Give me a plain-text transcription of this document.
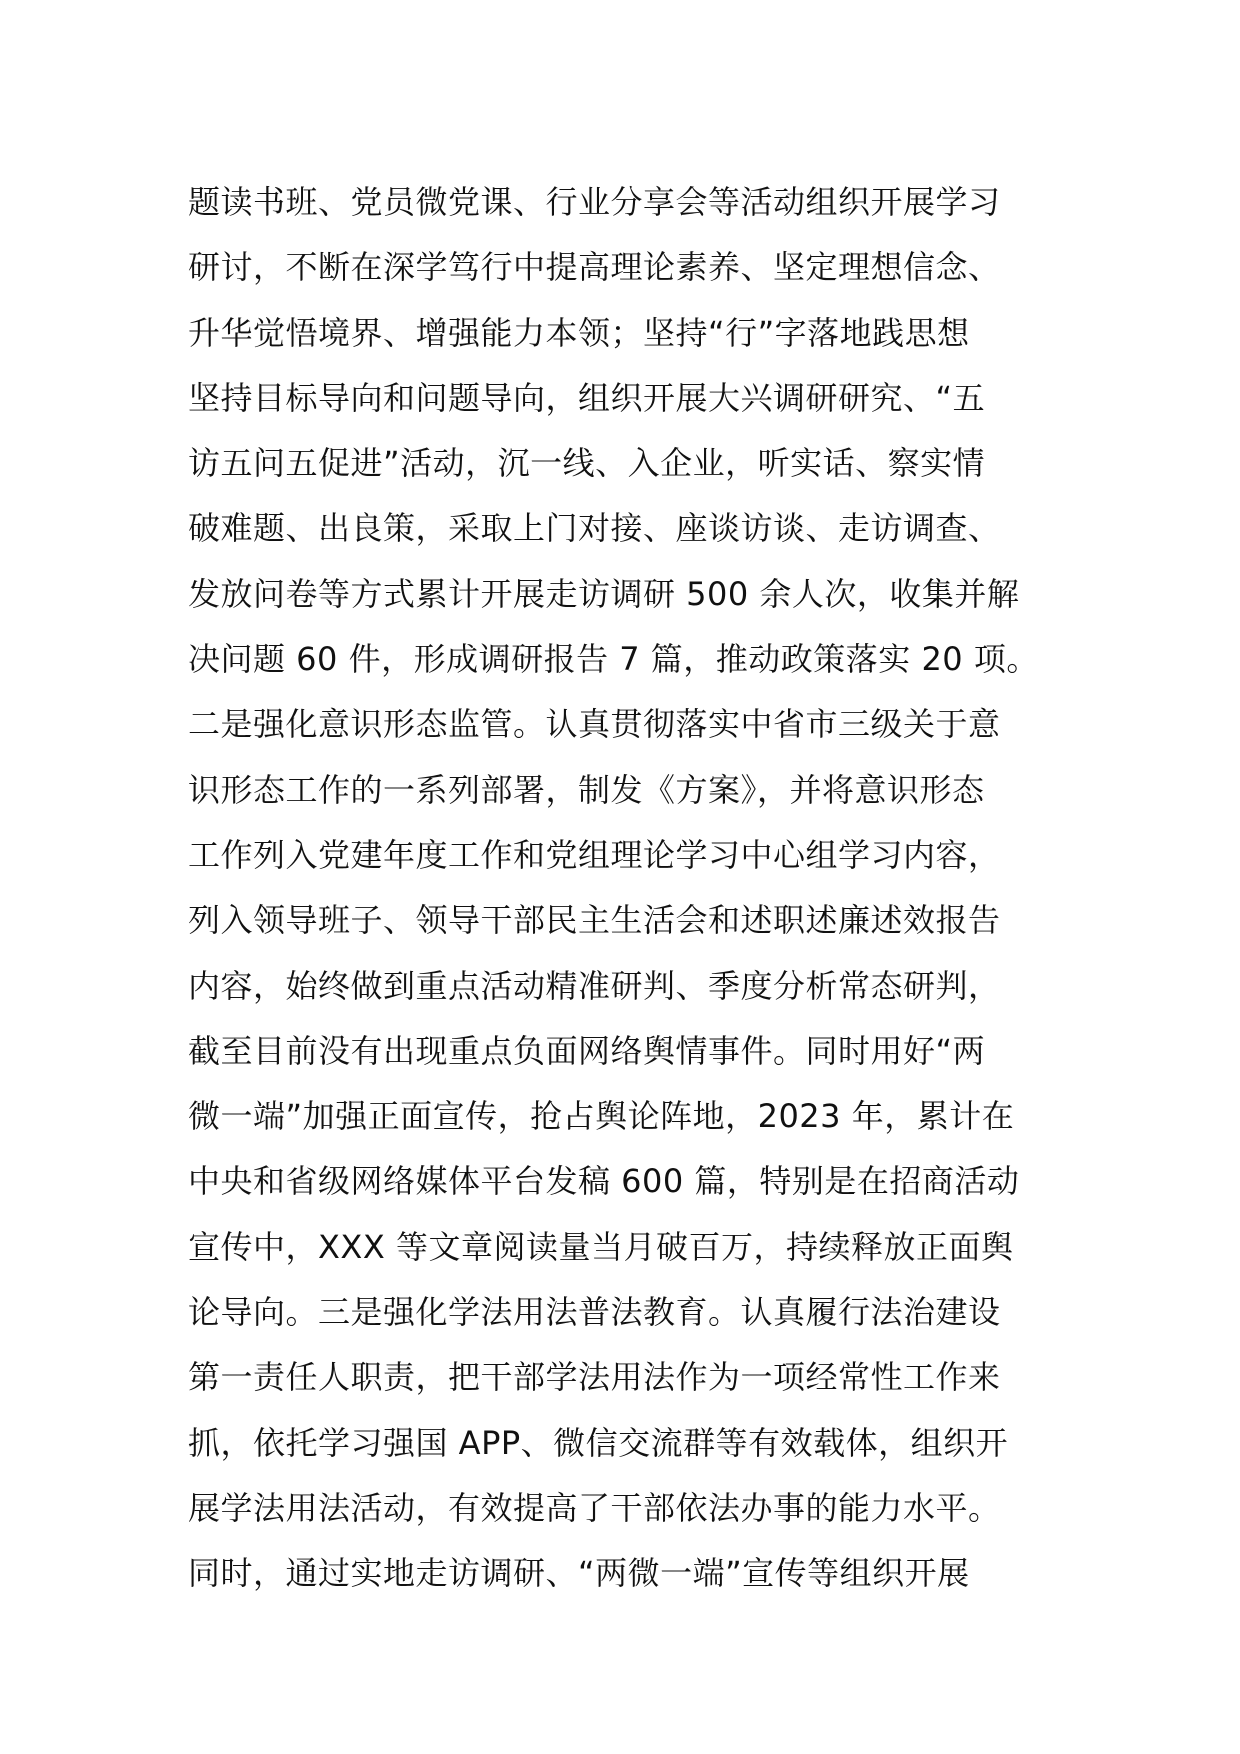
题读书班、党员微党课、行业分享会等活动组织开展学习
研讨，不断在深学笃行中提高理论素养、坚定理想信念、
升华觉悟境界、增强能力本领；坚持“行”字落地践思想
坚持目标导向和问题导向，组织开展大兴调研研究、“五
访五问五促进”活动，沉一线、入企业，听实话、察实情
破难题、出良策，采取上门对接、座谈访谈、走访调查、
发放问卷等方式累计开展走访调研 500 余人次，收集并解
决问题 60 件，形成调研报告 7 篇，推动政策落实 20 项。
二是强化意识形态监管。认真贯彻落实中省市三级关于意
识形态工作的一系列部署，制发《方案》，并将意识形态
工作列入党建年度工作和党组理论学习中心组学习内容，
列入领导班子、领导干部民主生活会和述职述廉述效报告
内容，始终做到重点活动精准研判、季度分析常态研判，
截至目前没有出现重点负面网络舆情事件。同时用好“两
微一端”加强正面宣传，抢占舆论阵地，2023 年，累计在
中央和省级网络媒体平台发稿 600 篇，特别是在招商活动
宣传中，XXX 等文章阅读量当月破百万，持续释放正面舆
论导向。三是强化学法用法普法教育。认真履行法治建设
第一责任人职责，把干部学法用法作为一项经常性工作来
抓，依托学习强国 APP、微信交流群等有效载体，组织开
展学法用法活动，有效提高了干部依法办事的能力水平。
同时，通过实地走访调研、“两微一端”宣传等组织开展
